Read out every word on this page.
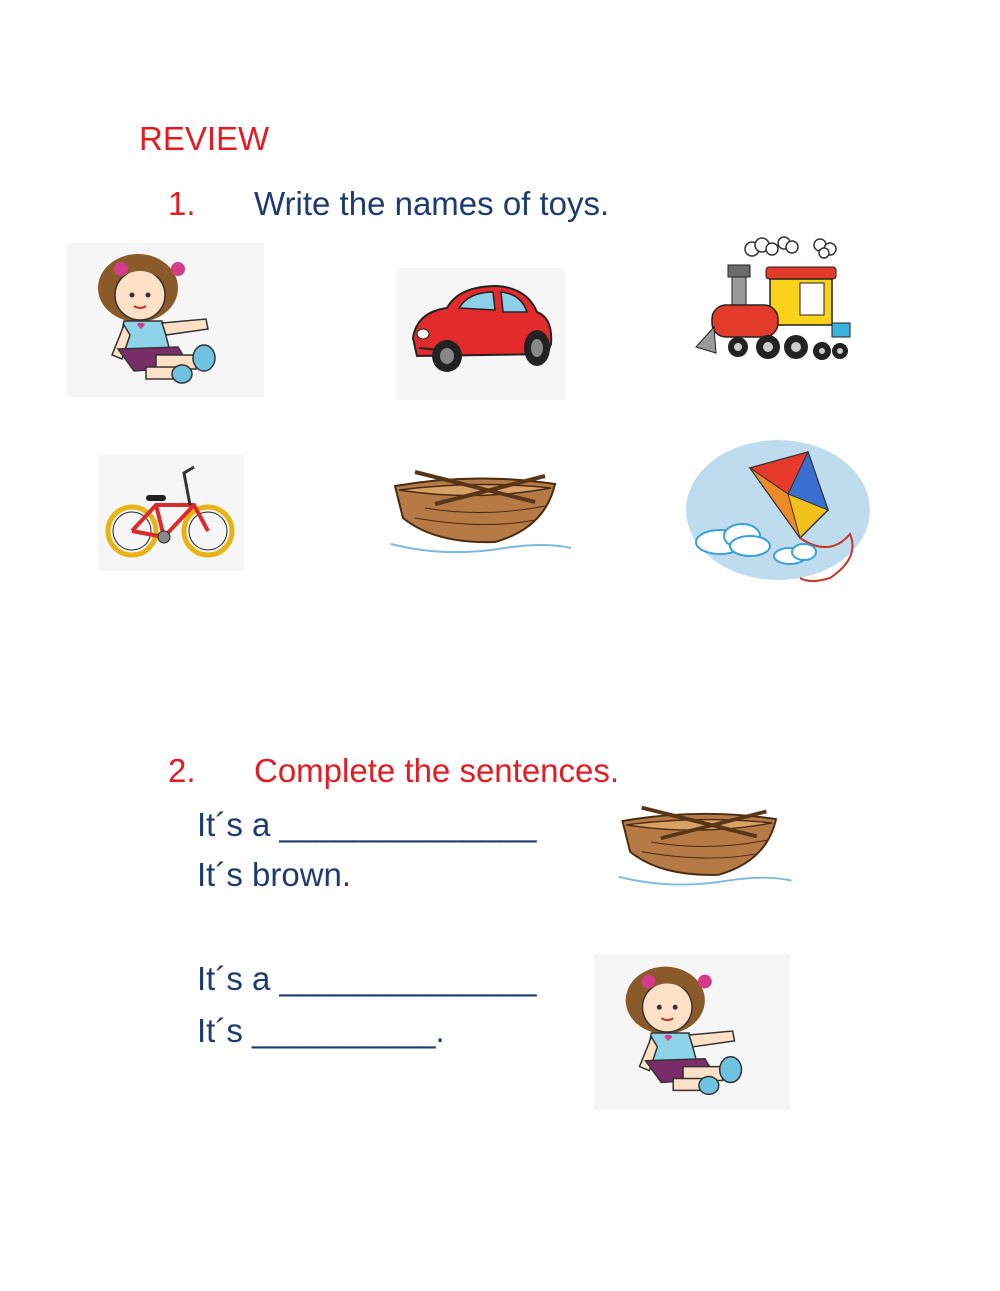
REVIEW
1. Write the names of toys.
2. Complete the sentences.
It´s a ______________
It´s brown.
It´s a ______________
It´s __________.
